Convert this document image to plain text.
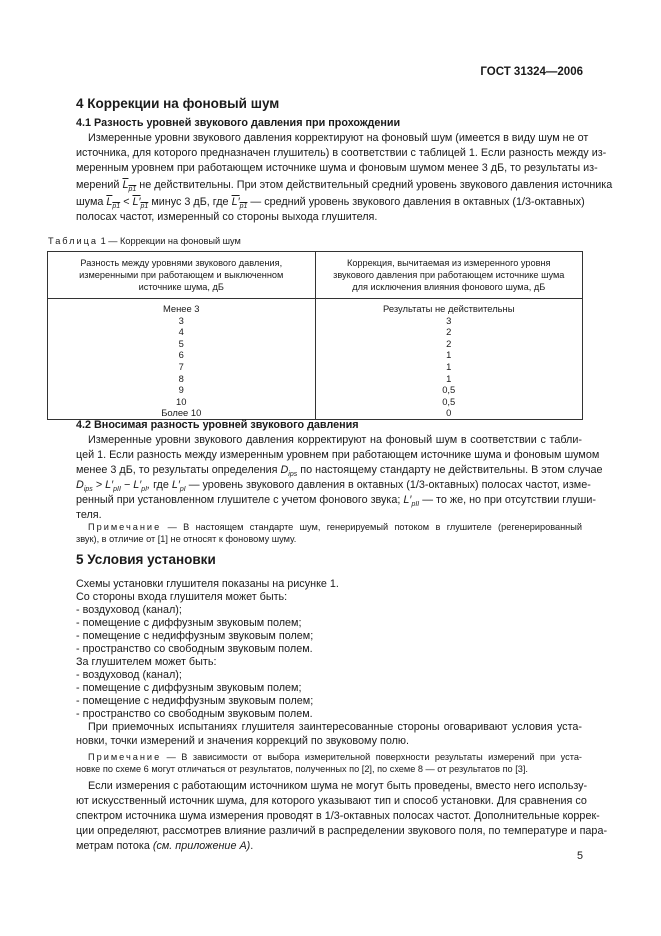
ГОСТ 31324—2006
4 Коррекции на фоновый шум
4.1 Разность уровней звукового давления при прохождении
Измеренные уровни звукового давления корректируют на фоновый шум (имеется в виду шум не от
источника, для которого предназначен глушитель) в соответствии с таблицей 1. Если разность между из-
меренным уровнем при работающем источнике шума и фоновым шумом менее 3 дБ, то результаты из-
мерений $L_{p1}$ не действительны. При этом действительный средний уровень звукового давления источника
шума $L_{p1} < L'_{p1}$ минус 3 дБ, где $L'_{p1}$ — средний уровень звукового давления в октавных (1/3-октавных)
полосах частот, измеренный со стороны выхода глушителя.
Таблица 1 — Коррекции на фоновый шум
Разность между уровнями звукового давления, измеренными при работающем и выключенном источнике шума, дБ	Коррекция, вычитаемая из измеренного уровня звукового давления при работающем источнике шума для исключения влияния фонового шума, дБ
Менее 3	Результаты не действительны
3	3
4	2
5	2
6	1
7	1
8	1
9	0,5
10	0,5
Более 10	0
4.2 Вносимая разность уровней звукового давления
Измеренные уровни звукового давления корректируют на фоновый шум в соответствии с табли-
цей 1. Если разность между измеренным уровнем при работающем источнике шума и фоновым шумом
менее 3 дБ, то результаты определения $D_{ips}$ по настоящему стандарту не действительны. В этом случае
$D_{ips} > L'_{pII} - L'_{pI}$, где $L'_{pI}$ — уровень звукового давления в октавных (1/3-октавных) полосах частот, изме-
ренный при установленном глушителе с учетом фонового звука; $L'_{pII}$ — то же, но при отсутствии глуши-
теля.
Примечание — В настоящем стандарте шум, генерируемый потоком в глушителе (регенерированный
звук), в отличие от [1] не относят к фоновому шуму.
5 Условия установки
Схемы установки глушителя показаны на рисунке 1.
Со стороны входа глушителя может быть:
- воздуховод (канал);
- помещение с диффузным звуковым полем;
- помещение с недиффузным звуковым полем;
- пространство со свободным звуковым полем.
За глушителем может быть:
- воздуховод (канал);
- помещение с диффузным звуковым полем;
- помещение с недиффузным звуковым полем;
- пространство со свободным звуковым полем.
При приемочных испытаниях глушителя заинтересованные стороны оговаривают условия уста-
новки, точки измерений и значения коррекций по звуковому полю.
Примечание — В зависимости от выбора измерительной поверхности результаты измерений при уста-
новке по схеме 6 могут отличаться от результатов, полученных по [2], по схеме 8 — от результатов по [3].
Если измерения с работающим источником шума не могут быть проведены, вместо него использу-
ют искусственный источник шума, для которого указывают тип и способ установки. Для сравнения со
спектром источника шума измерения проводят в 1/3-октавных полосах частот. Дополнительные коррек-
ции определяют, рассмотрев влияние различий в распределении звукового поля, по температуре и пара-
метрам потока (см. приложение А).
5
